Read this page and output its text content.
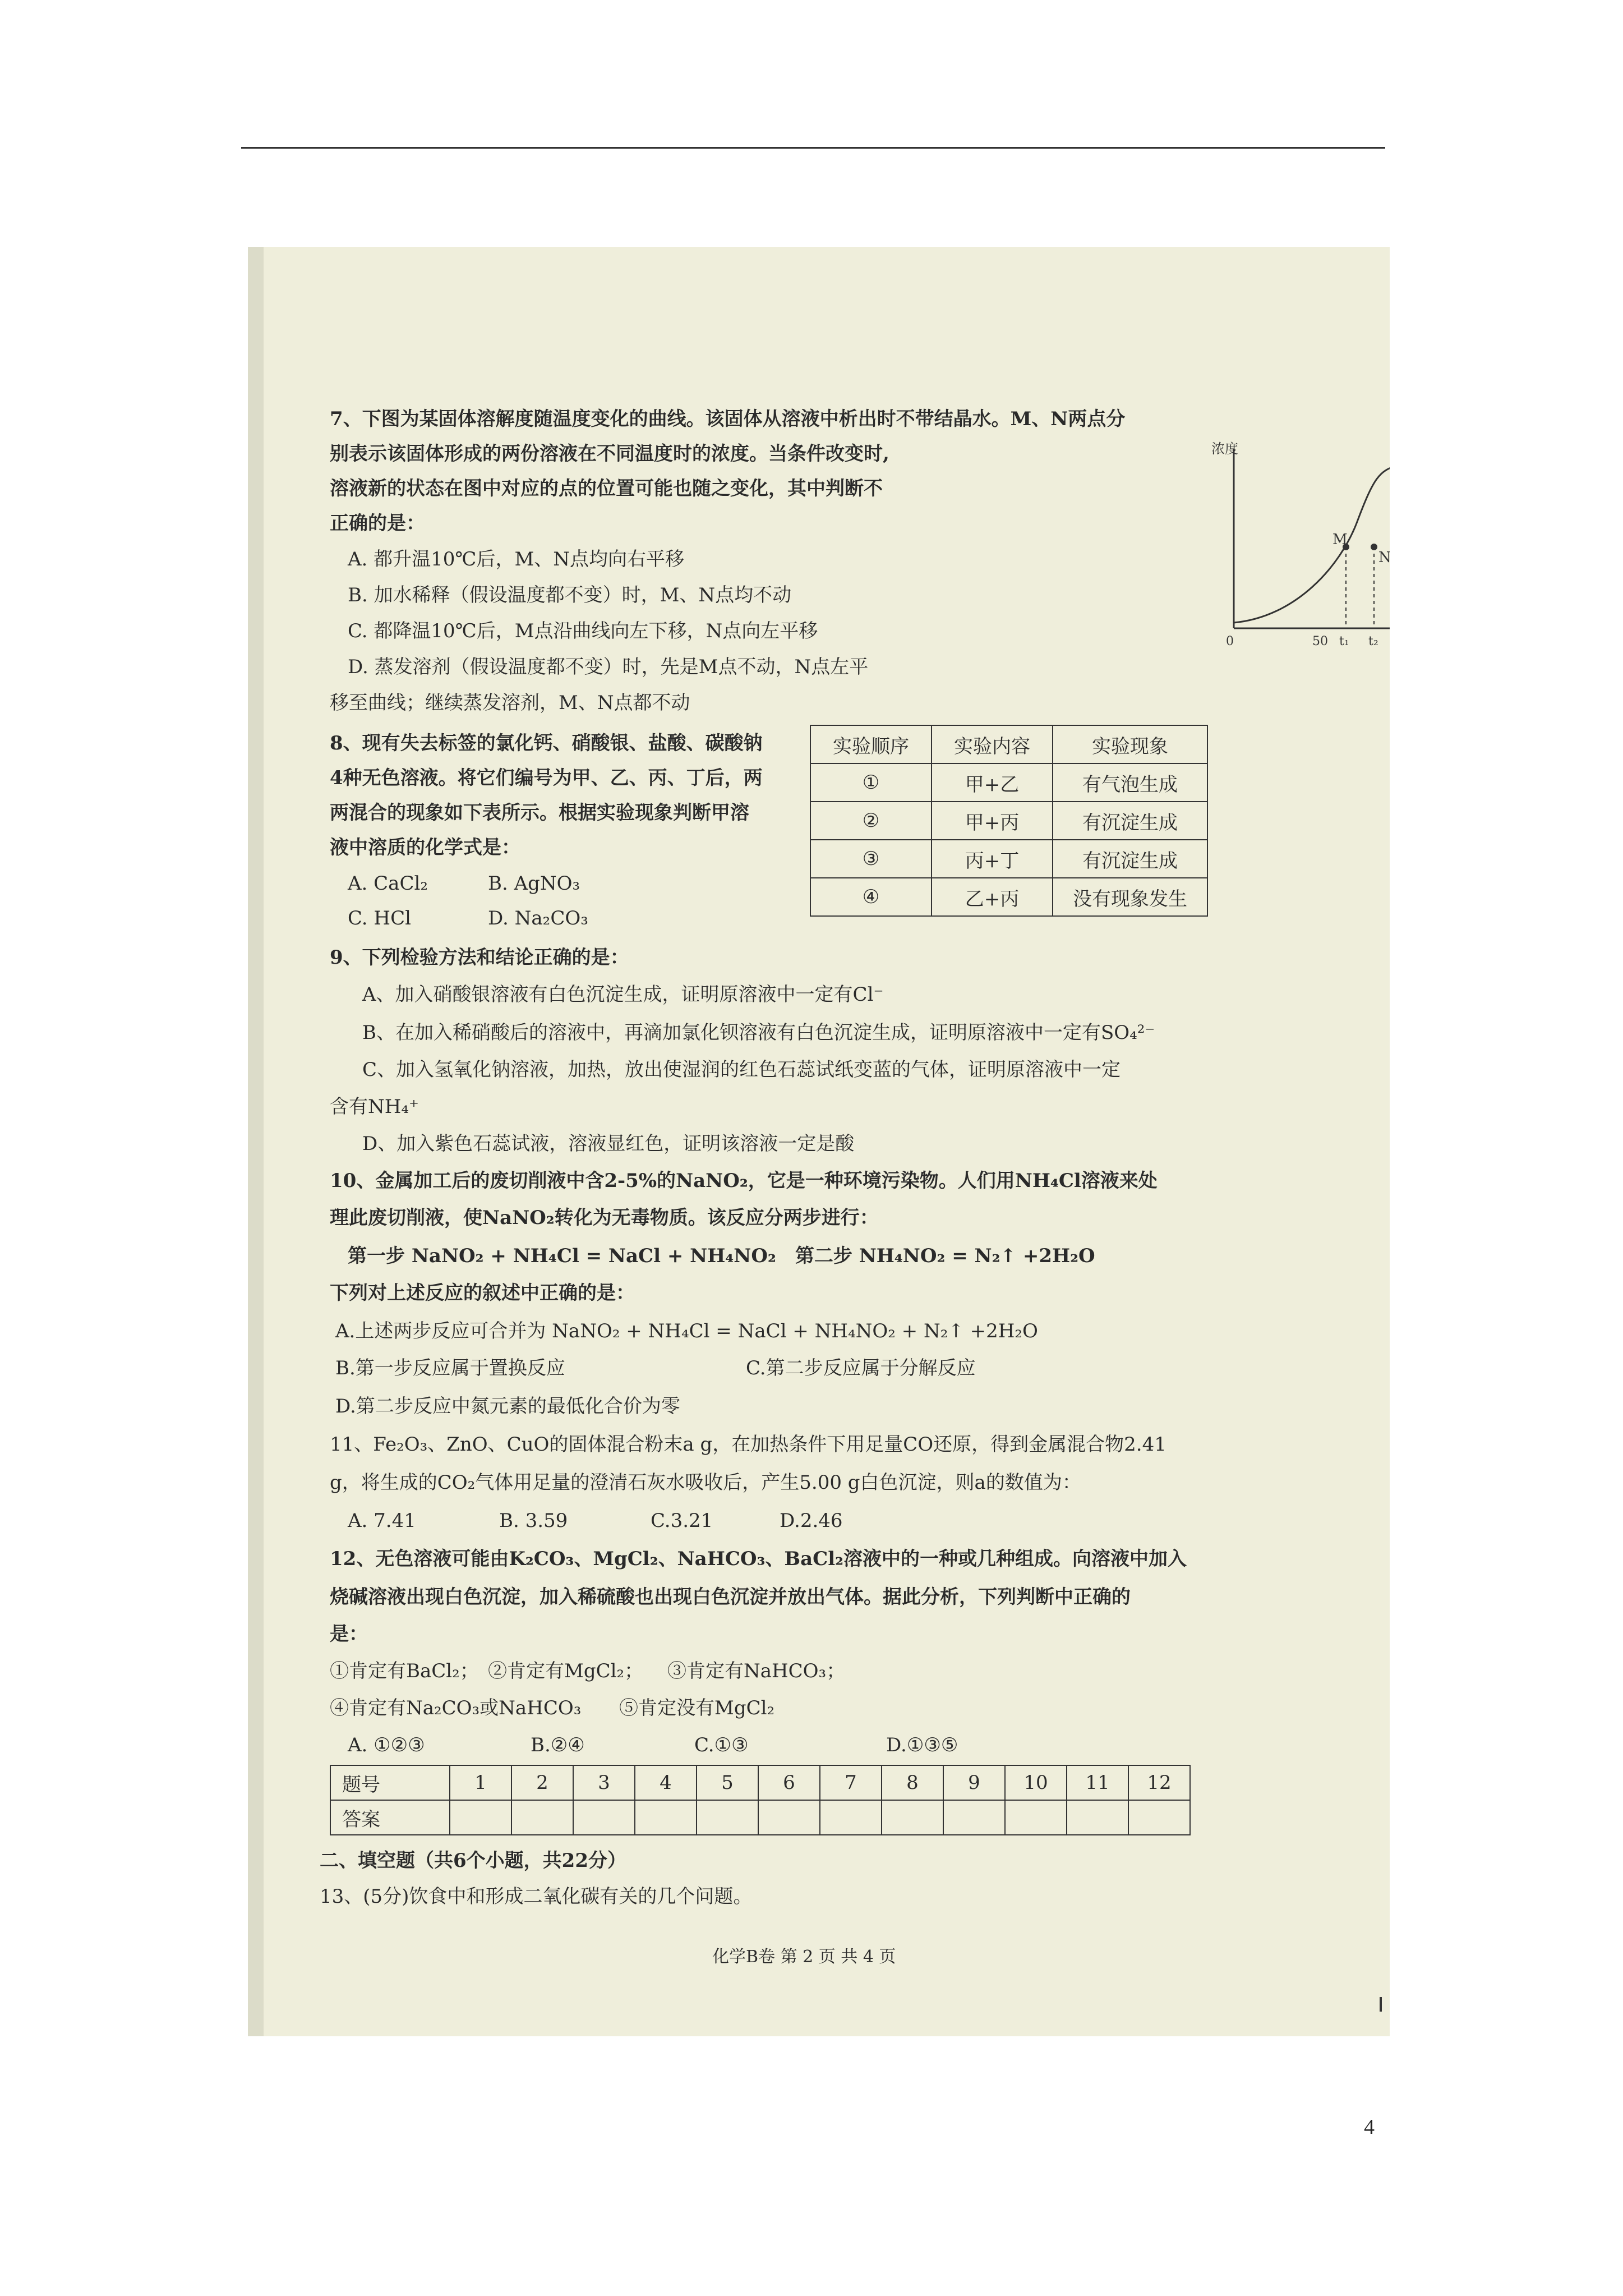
7、下图为某固体溶解度随温度变化的曲线。该固体从溶液中析出时不带结晶水。M、N两点分
别表示该固体形成的两份溶液在不同温度时的浓度。当条件改变时,
溶液新的状态在图中对应的点的位置可能也随之变化，其中判断不
正确的是：
A. 都升温10℃后，M、N点均向右平移
B. 加水稀释（假设温度都不变）时，M、N点均不动
C. 都降温10℃后，M点沿曲线向左下移，N点向左平移
D. 蒸发溶剂（假设温度都不变）时，先是M点不动，N点左平
移至曲线；继续蒸发溶剂，M、N点都不动
浓度
M
N
0	50 t₁ t₂ 100
温度/℃
8、现有失去标签的氯化钙、硝酸银、盐酸、碳酸钠
4种无色溶液。将它们编号为甲、乙、丙、丁后，两
两混合的现象如下表所示。根据实验现象判断甲溶
液中溶质的化学式是：
A. CaCl₂	B. AgNO₃
C. HCl	D. Na₂CO₃
实验顺序	实验内容	实验现象
①	甲+乙	有气泡生成
②	甲+丙	有沉淀生成
③	丙+丁	有沉淀生成
④	乙+丙	没有现象发生
9、下列检验方法和结论正确的是：
A、加入硝酸银溶液有白色沉淀生成，证明原溶液中一定有Cl⁻
B、在加入稀硝酸后的溶液中，再滴加氯化钡溶液有白色沉淀生成，证明原溶液中一定有SO₄²⁻
C、加入氢氧化钠溶液，加热，放出使湿润的红色石蕊试纸变蓝的气体，证明原溶液中一定
含有NH₄⁺
D、加入紫色石蕊试液，溶液显红色，证明该溶液一定是酸
10、金属加工后的废切削液中含2-5%的NaNO₂，它是一种环境污染物。人们用NH₄Cl溶液来处
理此废切削液，使NaNO₂转化为无毒物质。该反应分两步进行：
第一步 NaNO₂ + NH₄Cl = NaCl + NH₄NO₂　第二步 NH₄NO₂ = N₂↑ +2H₂O
下列对上述反应的叙述中正确的是：
A.上述两步反应可合并为 NaNO₂ + NH₄Cl = NaCl + NH₄NO₂ + N₂↑ +2H₂O
B.第一步反应属于置换反应	C.第二步反应属于分解反应
D.第二步反应中氮元素的最低化合价为零
11、Fe₂O₃、ZnO、CuO的固体混合粉末a g，在加热条件下用足量CO还原，得到金属混合物2.41
g，将生成的CO₂气体用足量的澄清石灰水吸收后，产生5.00 g白色沉淀，则a的数值为：
A. 7.41	B. 3.59	C.3.21	D.2.46
12、无色溶液可能由K₂CO₃、MgCl₂、NaHCO₃、BaCl₂溶液中的一种或几种组成。向溶液中加入
烧碱溶液出现白色沉淀，加入稀硫酸也出现白色沉淀并放出气体。据此分析，下列判断中正确的
是：
①肯定有BaCl₂； ②肯定有MgCl₂； ③肯定有NaHCO₃；
④肯定有Na₂CO₃或NaHCO₃ ⑤肯定没有MgCl₂
A. ①②③	B.②④	C.①③	D.①③⑤
题号	1	2	3	4	5	6	7	8	9	10	11	12
答案												
二、填空题（共6个小题，共22分）
13、(5分)饮食中和形成二氧化碳有关的几个问题。
化学B卷 第 2 页 共 4 页
4
